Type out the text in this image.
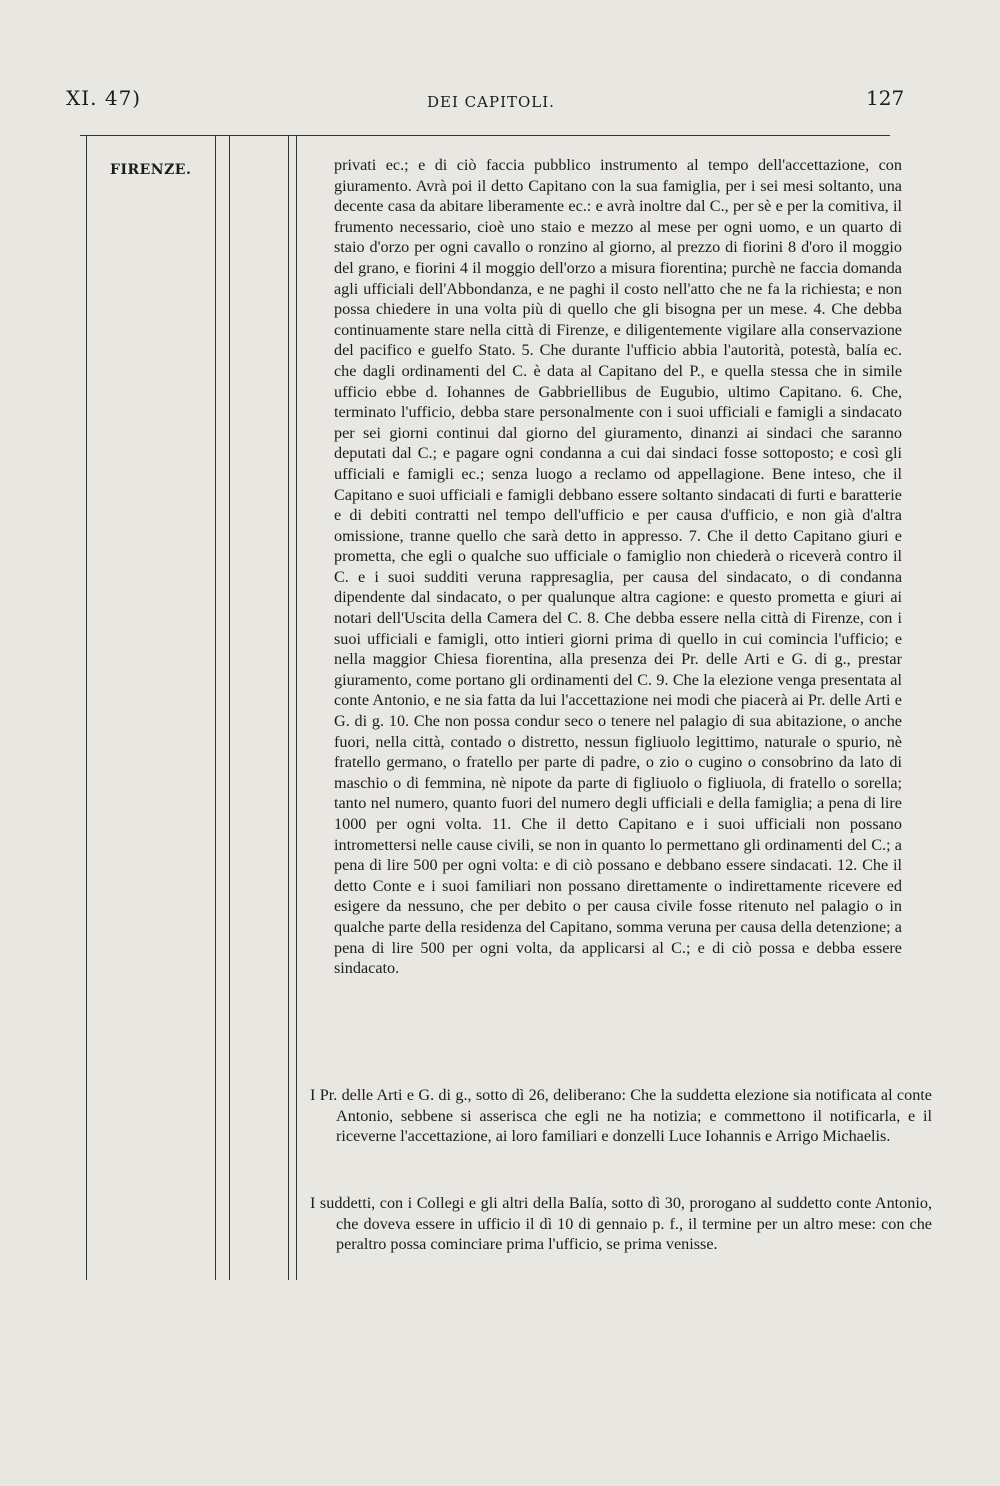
XI. 47)	DEI CAPITOLI.	127
FIRENZE.	privati ec.; e di ciò faccia pubblico instrumento al tempo dell'accettazione, con giuramento. Avrà poi il detto Capitano con la sua famiglia, per i sei mesi soltanto, una decente casa da abitare liberamente ec.: e avrà inoltre dal C., per sè e per la comitiva, il frumento necessario, cioè uno staio e mezzo al mese per ogni uomo, e un quarto di staio d'orzo per ogni cavallo o ronzino al giorno, al prezzo di fiorini 8 d'oro il moggio del grano, e fiorini 4 il moggio dell'orzo a misura fiorentina; purchè ne faccia domanda agli ufficiali dell'Abbondanza, e ne paghi il costo nell'atto che ne fa la richiesta; e non possa chiedere in una volta più di quello che gli bisogna per un mese. 4. Che debba continuamente stare nella città di Firenze, e diligentemente vigilare alla conservazione del pacifico e guelfo Stato. 5. Che durante l'ufficio abbia l'autorità, potestà, balía ec. che dagli ordinamenti del C. è data al Capitano del P., e quella stessa che in simile ufficio ebbe d. Iohannes de Gabbriellibus de Eugubio, ultimo Capitano. 6. Che, terminato l'ufficio, debba stare personalmente con i suoi ufficiali e famigli a sindacato per sei giorni continui dal giorno del giuramento, dinanzi ai sindaci che saranno deputati dal C.; e pagare ogni condanna a cui dai sindaci fosse sottoposto; e così gli ufficiali e famigli ec.; senza luogo a reclamo od appellagione. Bene inteso, che il Capitano e suoi ufficiali e famigli debbano essere soltanto sindacati di furti e baratterie e di debiti contratti nel tempo dell'ufficio e per causa d'ufficio, e non già d'altra omissione, tranne quello che sarà detto in appresso. 7. Che il detto Capitano giuri e prometta, che egli o qualche suo ufficiale o famiglio non chiederà o riceverà contro il C. e i suoi sudditi veruna rappresaglia, per causa del sindacato, o di condanna dipendente dal sindacato, o per qualunque altra cagione: e questo prometta e giuri ai notari dell'Uscita della Camera del C. 8. Che debba essere nella città di Firenze, con i suoi ufficiali e famigli, otto intieri giorni prima di quello in cui comincia l'ufficio; e nella maggior Chiesa fiorentina, alla presenza dei Pr. delle Arti e G. di g., prestar giuramento, come portano gli ordinamenti del C. 9. Che la elezione venga presentata al conte Antonio, e ne sia fatta da lui l'accettazione nei modi che piacerà ai Pr. delle Arti e G. di g. 10. Che non possa condur seco o tenere nel palagio di sua abitazione, o anche fuori, nella città, contado o distretto, nessun figliuolo legittimo, naturale o spurio, nè fratello germano, o fratello per parte di padre, o zio o cugino o consobrino da lato di maschio o di femmina, nè nipote da parte di figliuolo o figliuola, di fratello o sorella; tanto nel numero, quanto fuori del numero degli ufficiali e della famiglia; a pena di lire 1000 per ogni volta. 11. Che il detto Capitano e i suoi ufficiali non possano intromettersi nelle cause civili, se non in quanto lo permettano gli ordinamenti del C.; a pena di lire 500 per ogni volta: e di ciò possano e debbano essere sindacati. 12. Che il detto Conte e i suoi familiari non possano direttamente o indirettamente ricevere ed esigere da nessuno, che per debito o per causa civile fosse ritenuto nel palagio o in qualche parte della residenza del Capitano, somma veruna per causa della detenzione; a pena di lire 500 per ogni volta, da applicarsi al C.; e di ciò possa e debba essere sindacato.

I Pr. delle Arti e G. di g., sotto dì 26, deliberano: Che la suddetta elezione sia notificata al conte Antonio, sebbene si asserisca che egli ne ha notizia; e commettono il notificarla, e il riceverne l'accettazione, ai loro familiari e donzelli Luce Iohannis e Arrigo Michaelis.

I suddetti, con i Collegi e gli altri della Balía, sotto dì 30, prorogano al suddetto conte Antonio, che doveva essere in ufficio il dì 10 di gennaio p. f., il termine per un altro mese: con che peraltro possa cominciare prima l'ufficio, se prima venisse.
